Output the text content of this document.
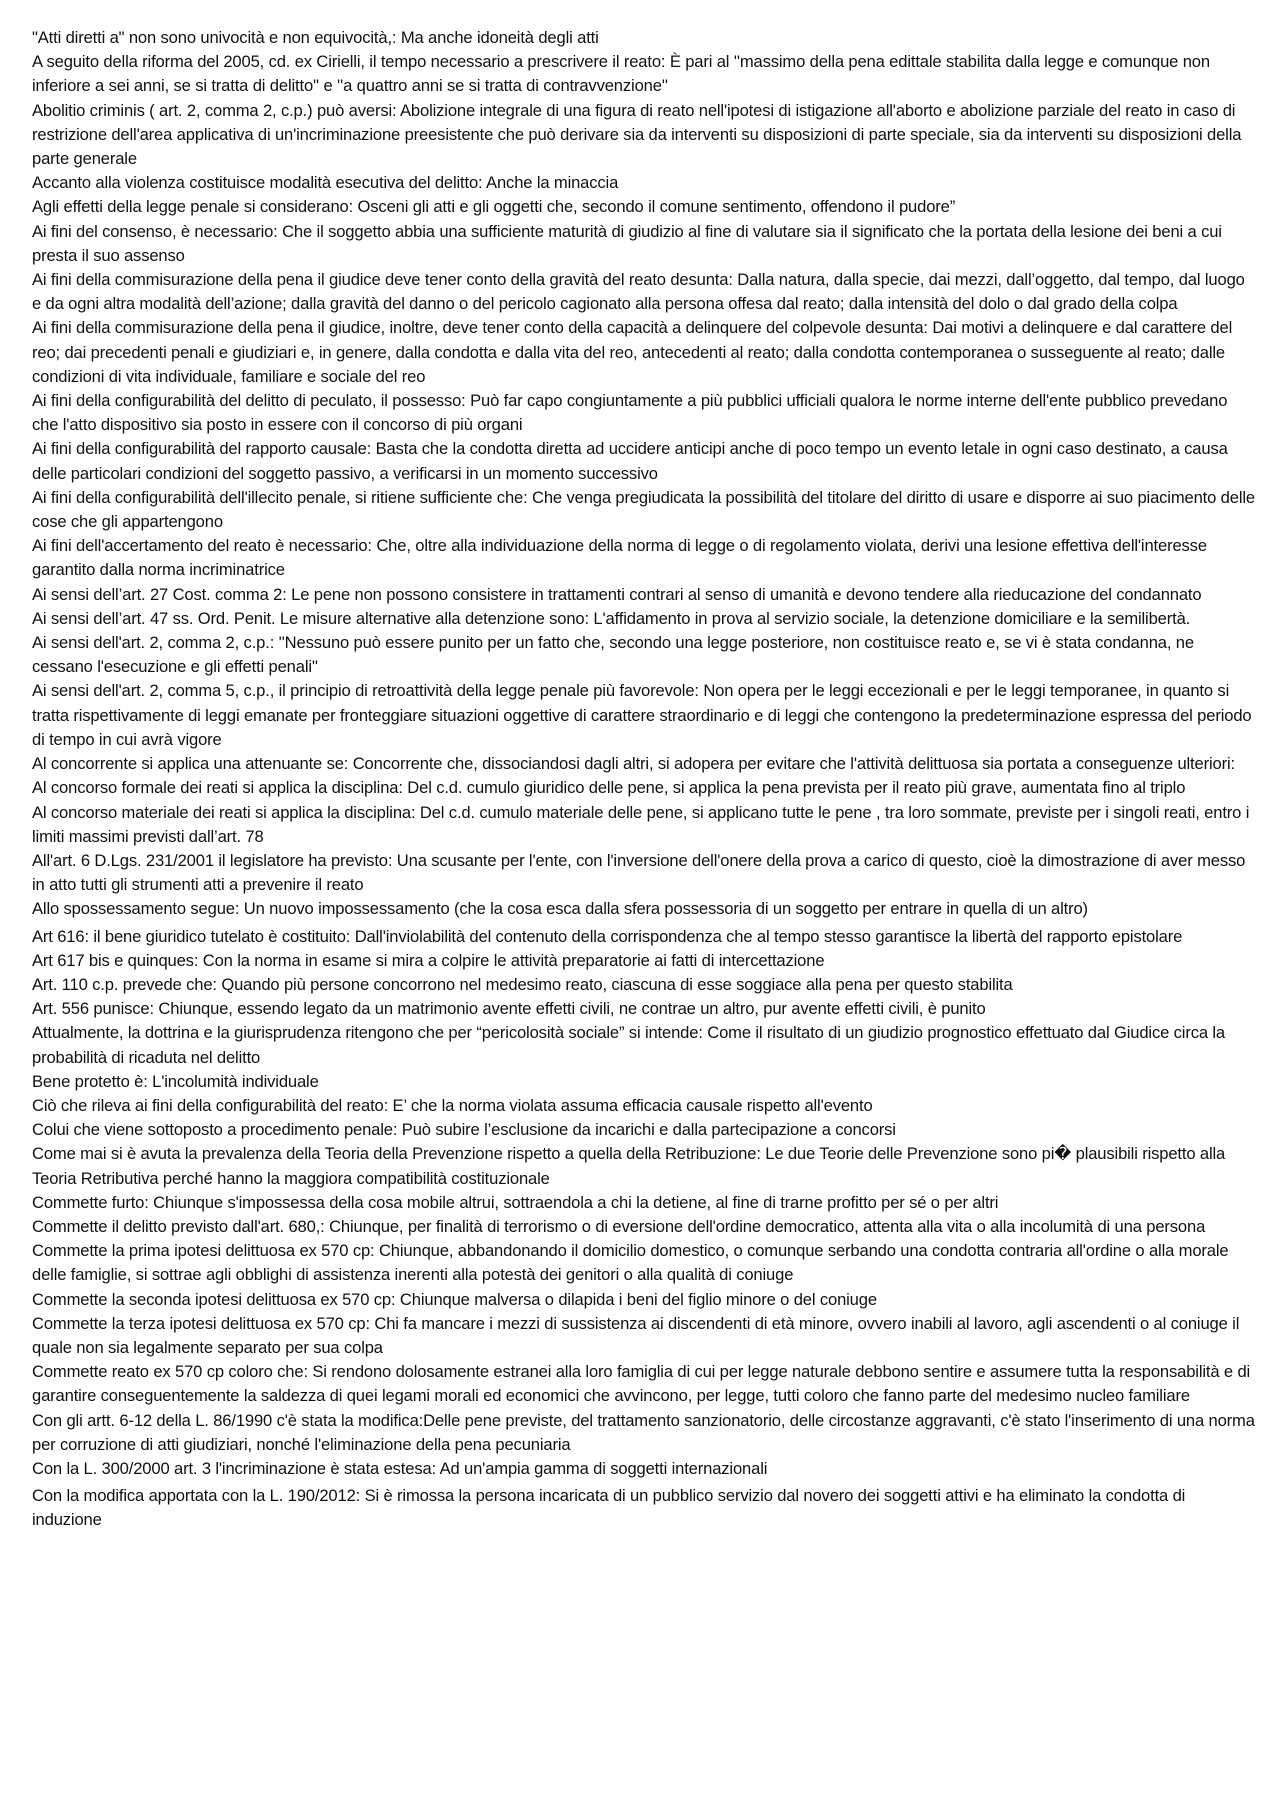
"Atti diretti a" non sono univocità e non equivocità,: Ma anche idoneità degli atti

A seguito della riforma del 2005, cd. ex Cirielli, il tempo necessario a prescrivere il reato: È pari al ''massimo della pena edittale stabilita dalla legge e comunque non inferiore a sei anni, se si tratta di delitto'' e ''a quattro anni se si tratta di contravvenzione''

Abolitio criminis ( art. 2, comma 2, c.p.) può aversi: Abolizione integrale di una figura di reato nell'ipotesi di istigazione all'aborto e abolizione parziale del reato in caso di restrizione dell'area applicativa di un'incriminazione preesistente che può derivare sia da interventi su disposizioni di parte speciale, sia da interventi su disposizioni della parte generale

Accanto alla violenza costituisce modalità esecutiva del delitto: Anche la minaccia

Agli effetti della legge penale si considerano: Osceni gli atti e gli oggetti che, secondo il comune sentimento, offendono il pudore”

Ai fini del consenso, è necessario: Che il soggetto abbia una sufficiente maturità di giudizio al fine di valutare sia il significato che la portata della lesione dei beni a cui presta il suo assenso

Ai fini della commisurazione della pena il giudice deve tener conto della gravità del reato desunta: Dalla natura, dalla specie, dai mezzi, dall’oggetto, dal tempo, dal luogo e da ogni altra modalità dell’azione; dalla gravità del danno o del pericolo cagionato alla persona offesa dal reato; dalla intensità del dolo o dal grado della colpa

Ai fini della commisurazione della pena il giudice, inoltre, deve tener conto della capacità a delinquere del colpevole desunta: Dai motivi a delinquere e dal carattere del reo; dai precedenti penali e giudiziari e, in genere, dalla condotta e dalla vita del reo, antecedenti al reato; dalla condotta contemporanea o susseguente al reato; dalle condizioni di vita individuale, familiare e sociale del reo

Ai fini della configurabilità del delitto di peculato, il possesso: Può far capo congiuntamente a più pubblici ufficiali qualora le norme interne dell'ente pubblico prevedano che l'atto dispositivo sia posto in essere con il concorso di più organi

Ai fini della configurabilità del rapporto causale: Basta che la condotta diretta ad uccidere anticipi anche di poco tempo un evento letale in ogni caso destinato, a causa delle particolari condizioni del soggetto passivo, a verificarsi in un momento successivo

Ai fini della configurabilità dell'illecito penale, si ritiene sufficiente che: Che venga pregiudicata la possibilità del titolare del diritto di usare e disporre ai suo piacimento delle cose che gli appartengono

Ai fini dell'accertamento del reato è necessario: Che, oltre alla individuazione della norma di legge o di regolamento violata, derivi una lesione effettiva dell'interesse garantito dalla norma incriminatrice

Ai sensi dell’art. 27 Cost. comma 2: Le pene non possono consistere in trattamenti contrari al senso di umanità e devono tendere alla rieducazione del condannato

Ai sensi dell’art. 47 ss. Ord. Penit. Le misure alternative alla detenzione sono: L'affidamento in prova al servizio sociale, la detenzione domiciliare e la semilibertà.

Ai sensi dell'art. 2, comma 2, c.p.: ''Nessuno può essere punito per un fatto che, secondo una legge posteriore, non costituisce reato e, se vi è stata condanna, ne cessano l'esecuzione e gli effetti penali''

Ai sensi dell'art. 2, comma 5, c.p., il principio di retroattività della legge penale più favorevole: Non opera per le leggi eccezionali e per le leggi temporanee, in quanto si tratta rispettivamente di leggi emanate per fronteggiare situazioni oggettive di carattere straordinario e di leggi che contengono la predeterminazione espressa del periodo di tempo in cui avrà vigore

Al concorrente si applica una attenuante se: Concorrente che, dissociandosi dagli altri, si adopera per evitare che l'attività delittuosa sia portata a conseguenze ulteriori:

Al concorso formale dei reati si applica la disciplina: Del c.d. cumulo giuridico delle pene, si applica la pena prevista per il reato più grave, aumentata fino al triplo

Al concorso materiale dei reati si applica la disciplina: Del c.d. cumulo materiale delle pene, si applicano tutte le pene , tra loro sommate, previste per i singoli reati, entro i limiti massimi previsti dall’art. 78

All'art. 6 D.Lgs. 231/2001 il legislatore ha previsto: Una scusante per l'ente, con l'inversione dell'onere della prova a carico di questo, cioè la dimostrazione di aver messo in atto tutti gli strumenti atti a prevenire il reato

Allo spossessamento segue: Un nuovo impossessamento (che la cosa esca dalla sfera possessoria di un soggetto per entrare in quella di un altro)

Art 616: il bene giuridico tutelato è costituito: Dall'inviolabilità del contenuto della corrispondenza che al tempo stesso garantisce la libertà del rapporto epistolare

Art 617 bis e quinques: Con la norma in esame si mira a colpire le attività preparatorie ai fatti di intercettazione

Art. 110 c.p. prevede che: Quando più persone concorrono nel medesimo reato, ciascuna di esse soggiace alla pena per questo stabilita

Art. 556 punisce: Chiunque, essendo legato da un matrimonio avente effetti civili, ne contrae un altro, pur avente effetti civili, è punito

Attualmente, la dottrina e la giurisprudenza ritengono che per “pericolosità sociale” si intende: Come il risultato di un giudizio prognostico effettuato dal Giudice circa la probabilità di ricaduta nel delitto

Bene protetto è: L'incolumità individuale

Ciò che rileva ai fini della configurabilità del reato: E’ che la norma violata assuma efficacia causale rispetto all'evento

Colui che viene sottoposto a procedimento penale: Può subire l’esclusione da incarichi e dalla partecipazione a concorsi

Come mai si è avuta la prevalenza della Teoria della Prevenzione rispetto a quella della Retribuzione: Le due Teorie delle Prevenzione sono pi� plausibili rispetto alla Teoria Retributiva perché hanno la maggiora compatibilità costituzionale

Commette furto: Chiunque s'impossessa della cosa mobile altrui, sottraendola a chi la detiene, al fine di trarne profitto per sé o per altri

Commette il delitto previsto dall'art. 680,: Chiunque, per finalità di terrorismo o di eversione dell'ordine democratico, attenta alla vita o alla incolumità di una persona

Commette la prima ipotesi delittuosa ex 570 cp: Chiunque, abbandonando il domicilio domestico, o comunque serbando una condotta contraria all'ordine o alla morale delle famiglie, si sottrae agli obblighi di assistenza inerenti alla potestà dei genitori o alla qualità di coniuge

Commette la seconda ipotesi delittuosa ex 570 cp: Chiunque malversa o dilapida i beni del figlio minore o del coniuge

Commette la terza ipotesi delittuosa ex 570 cp: Chi fa mancare i mezzi di sussistenza ai discendenti di età minore, ovvero inabili al lavoro, agli ascendenti o al coniuge il quale non sia legalmente separato per sua colpa

Commette reato ex 570 cp coloro che: Si rendono dolosamente estranei alla loro famiglia di cui per legge naturale debbono sentire e assumere tutta la responsabilità e di garantire conseguentemente la saldezza di quei legami morali ed economici che avvincono, per legge, tutti coloro che fanno parte del medesimo nucleo familiare

Con gli artt. 6-12 della L. 86/1990 c'è stata la modifica:Delle pene previste, del trattamento sanzionatorio, delle circostanze aggravanti, c'è stato l'inserimento di una norma per corruzione di atti giudiziari, nonché l'eliminazione della pena pecuniaria

Con la L. 300/2000 art. 3 l'incriminazione è stata estesa: Ad un'ampia gamma di soggetti internazionali

Con la modifica apportata con la L. 190/2012: Si è rimossa la persona incaricata di un pubblico servizio dal novero dei soggetti attivi e ha eliminato la condotta di induzione
